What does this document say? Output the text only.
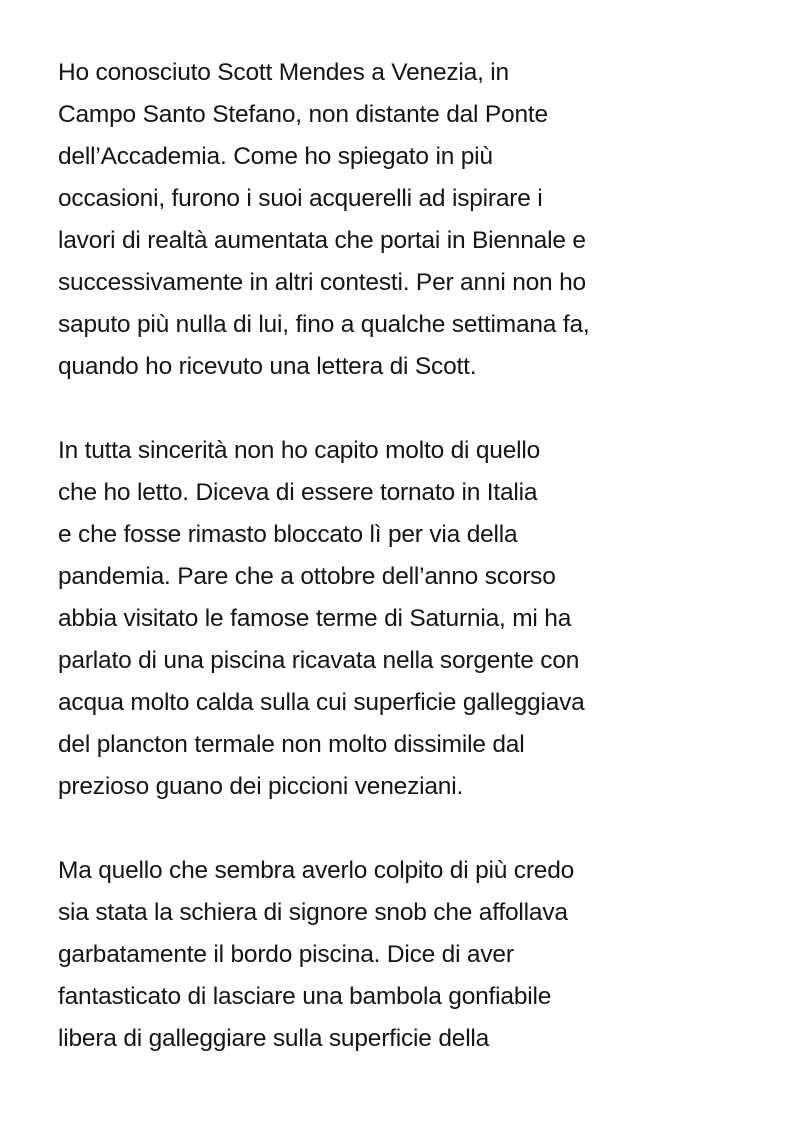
Ho conosciuto Scott Mendes a Venezia, in
Campo Santo Stefano, non distante dal Ponte
dell’Accademia. Come ho spiegato in più
occasioni, furono i suoi acquerelli ad ispirare i
lavori di realtà aumentata che portai in Biennale e
successivamente in altri contesti. Per anni non ho
saputo più nulla di lui, fino a qualche settimana fa,
quando ho ricevuto una lettera di Scott.

In tutta sincerità non ho capito molto di quello
che ho letto. Diceva di essere tornato in Italia
e che fosse rimasto bloccato lì per via della
pandemia. Pare che a ottobre dell’anno scorso
abbia visitato le famose terme di Saturnia, mi ha
parlato di una piscina ricavata nella sorgente con
acqua molto calda sulla cui superficie galleggiava
del plancton termale non molto dissimile dal
prezioso guano dei piccioni veneziani.

Ma quello che sembra averlo colpito di più credo
sia stata la schiera di signore snob che affollava
garbatamente il bordo piscina. Dice di aver
fantasticato di lasciare una bambola gonfiabile
libera di galleggiare sulla superficie della
